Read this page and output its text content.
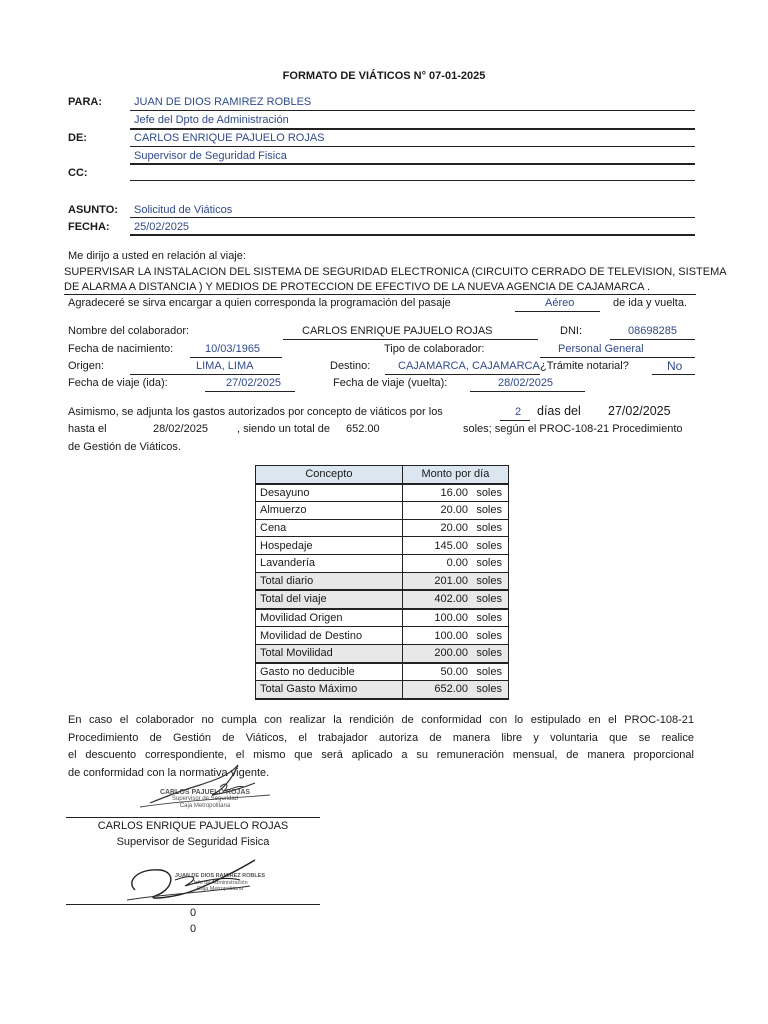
FORMATO DE VIÁTICOS N° 07-01-2025
PARA:	JUAN DE DIOS RAMIREZ ROBLES
Jefe del Dpto de Administración
DE:	CARLOS ENRIQUE PAJUELO ROJAS
Supervisor de Seguridad Fisica
CC:
ASUNTO: Solicitud de Viáticos
FECHA: 25/02/2025
Me dirijo a usted en relación al viaje:
SUPERVISAR LA INSTALACION DEL SISTEMA DE SEGURIDAD ELECTRONICA (CIRCUITO CERRADO DE TELEVISION, SISTEMA
DE ALARMA A DISTANCIA ) Y MEDIOS DE PROTECCION DE EFECTIVO DE LA NUEVA AGENCIA DE CAJAMARCA .
Agradeceré se sirva encargar a quien corresponda la programación del pasaje	Aéreo	de ida y vuelta.
Nombre del colaborador:	CARLOS ENRIQUE PAJUELO ROJAS	DNI:	08698285
Fecha de nacimiento:	10/03/1965	Tipo de colaborador:	Personal General
Origen:	LIMA, LIMA	Destino:	CAJAMARCA, CAJAMARCA ¿Trámite notarial?	No
Fecha de viaje (ida):	27/02/2025	Fecha de viaje (vuelta):	28/02/2025
Asimismo, se adjunta los gastos autorizados por concepto de viáticos por los	2 días del 27/02/2025
hasta el	28/02/2025	, siendo un total de 652.00	soles; según el PROC-108-21 Procedimiento
de Gestión de Viáticos.
Concepto	Monto por día	
Desayuno	16.00	soles
Almuerzo	20.00	soles
Cena	20.00	soles
Hospedaje	145.00	soles
Lavandería	0.00	soles
Total diario	201.00	soles
Total del viaje	402.00	soles
Movilidad Origen	100.00	soles
Movilidad de Destino	100.00	soles
Total Movilidad	200.00	soles
Gasto no deducible	50.00	soles
Total Gasto Máximo	652.00	soles
En caso el colaborador no cumpla con realizar la rendición de conformidad con lo estipulado en el PROC-108-21
Procedimiento de Gestión de Viáticos, el trabajador autoriza de manera libre y voluntaria que se realice
el descuento correspondiente, el mismo que será aplicado a su remuneración mensual, de manera proporcional
de conformidad con la normativa vigente.
CARLOS PAJUELO ROJAS
Supervisor de Seguridad
Caja Metropolitana
CARLOS ENRIQUE PAJUELO ROJAS
Supervisor de Seguridad Fisica
JUAN DE DIOS RAMIREZ ROBLES
Jefe de Administración
Caja Metropolitana
0
0
